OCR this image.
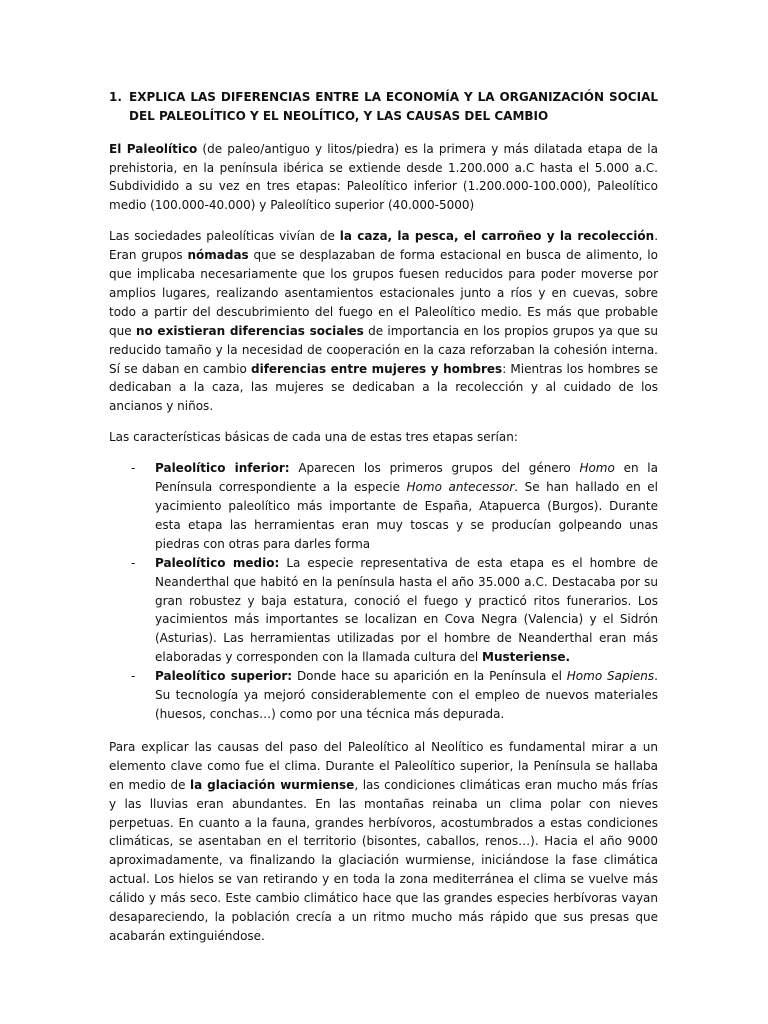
1. EXPLICA LAS DIFERENCIAS ENTRE LA ECONOMÍA Y LA ORGANIZACIÓN SOCIAL DEL PALEOLÍTICO Y EL NEOLÍTICO, Y LAS CAUSAS DEL CAMBIO

El Paleolítico (de paleo/antiguo y litos/piedra) es la primera y más dilatada etapa de la prehistoria, en la península ibérica se extiende desde 1.200.000 a.C hasta el 5.000 a.C. Subdividido a su vez en tres etapas: Paleolítico inferior (1.200.000-100.000), Paleolítico medio (100.000-40.000) y Paleolítico superior (40.000-5000)

Las sociedades paleolíticas vivían de la caza, la pesca, el carroñeo y la recolección. Eran grupos nómadas que se desplazaban de forma estacional en busca de alimento, lo que implicaba necesariamente que los grupos fuesen reducidos para poder moverse por amplios lugares, realizando asentamientos estacionales junto a ríos y en cuevas, sobre todo a partir del descubrimiento del fuego en el Paleolítico medio. Es más que probable que no existieran diferencias sociales de importancia en los propios grupos ya que su reducido tamaño y la necesidad de cooperación en la caza reforzaban la cohesión interna. Sí se daban en cambio diferencias entre mujeres y hombres: Mientras los hombres se dedicaban a la caza, las mujeres se dedicaban a la recolección y al cuidado de los ancianos y niños.

Las características básicas de cada una de estas tres etapas serían:

-	Paleolítico inferior: Aparecen los primeros grupos del género Homo en la Península correspondiente a la especie Homo antecessor. Se han hallado en el yacimiento paleolítico más importante de España, Atapuerca (Burgos). Durante esta etapa las herramientas eran muy toscas y se producían golpeando unas piedras con otras para darles forma
-	Paleolítico medio: La especie representativa de esta etapa es el hombre de Neanderthal que habitó en la península hasta el año 35.000 a.C. Destacaba por su gran robustez y baja estatura, conoció el fuego y practicó ritos funerarios. Los yacimientos más importantes se localizan en Cova Negra (Valencia) y el Sidrón (Asturias). Las herramientas utilizadas por el hombre de Neanderthal eran más elaboradas y corresponden con la llamada cultura del Musteriense.
-	Paleolítico superior: Donde hace su aparición en la Península el Homo Sapiens. Su tecnología ya mejoró considerablemente con el empleo de nuevos materiales (huesos, conchas…) como por una técnica más depurada.

Para explicar las causas del paso del Paleolítico al Neolítico es fundamental mirar a un elemento clave como fue el clima. Durante el Paleolítico superior, la Península se hallaba en medio de la glaciación wurmiense, las condiciones climáticas eran mucho más frías y las lluvias eran abundantes. En las montañas reinaba un clima polar con nieves perpetuas. En cuanto a la fauna, grandes herbívoros, acostumbrados a estas condiciones climáticas, se asentaban en el territorio (bisontes, caballos, renos…). Hacia el año 9000 aproximadamente, va finalizando la glaciación wurmiense, iniciándose la fase climática actual. Los hielos se van retirando y en toda la zona mediterránea el clima se vuelve más cálido y más seco. Este cambio climático hace que las grandes especies herbívoras vayan desapareciendo, la población crecía a un ritmo mucho más rápido que sus presas que acabarán extinguiéndose.
